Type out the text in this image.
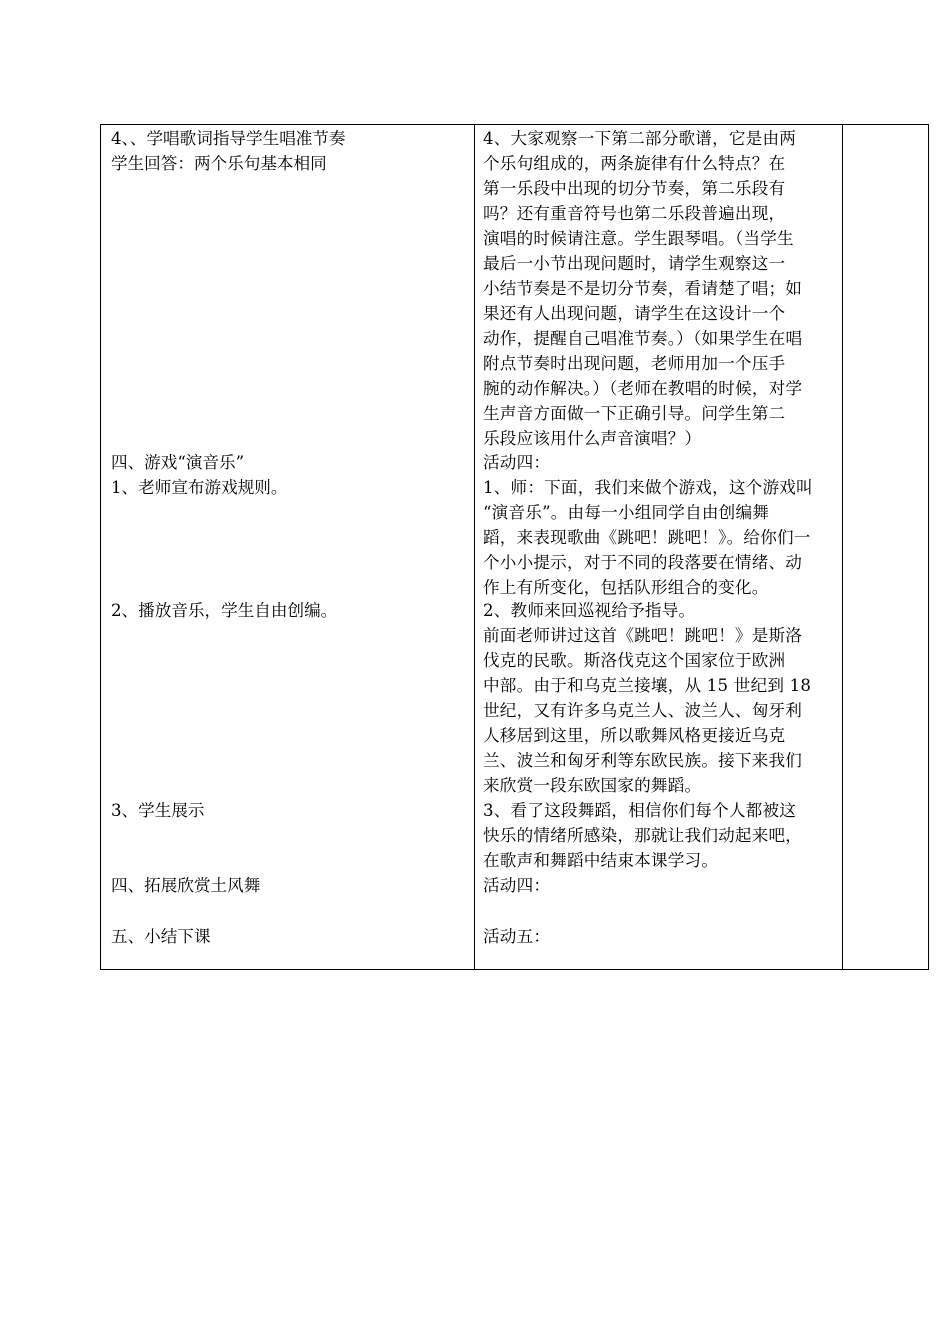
4、、学唱歌词指导学生唱准节奏
学生回答：两个乐句基本相同
四、游戏“演音乐”
1、老师宣布游戏规则。
2、播放音乐，学生自由创编。
3、学生展示
四、拓展欣赏土风舞
五、小结下课
4、大家观察一下第二部分歌谱，它是由两
个乐句组成的，两条旋律有什么特点？在
第一乐段中出现的切分节奏，第二乐段有
吗？还有重音符号也第二乐段普遍出现，
演唱的时候请注意。学生跟琴唱。（当学生
最后一小节出现问题时，请学生观察这一
小结节奏是不是切分节奏，看请楚了唱；如
果还有人出现问题，请学生在这设计一个
动作，提醒自己唱准节奏。）（如果学生在唱
附点节奏时出现问题，老师用加一个压手
腕的动作解决。）（老师在教唱的时候，对学
生声音方面做一下正确引导。问学生第二
乐段应该用什么声音演唱？）
活动四：
1、师：下面，我们来做个游戏，这个游戏叫
“演音乐”。由每一小组同学自由创编舞
蹈，来表现歌曲《跳吧！跳吧！》。给你们一
个小小提示，对于不同的段落要在情绪、动
作上有所变化，包括队形组合的变化。
2、教师来回巡视给予指导。
前面老师讲过这首《跳吧！跳吧！》是斯洛
伐克的民歌。斯洛伐克这个国家位于欧洲
中部。由于和乌克兰接壤，从 15 世纪到 18
世纪，又有许多乌克兰人、波兰人、匈牙利
人移居到这里，所以歌舞风格更接近乌克
兰、波兰和匈牙利等东欧民族。接下来我们
来欣赏一段东欧国家的舞蹈。
3、看了这段舞蹈，相信你们每个人都被这
快乐的情绪所感染，那就让我们动起来吧，
在歌声和舞蹈中结束本课学习。
活动四：
活动五：
